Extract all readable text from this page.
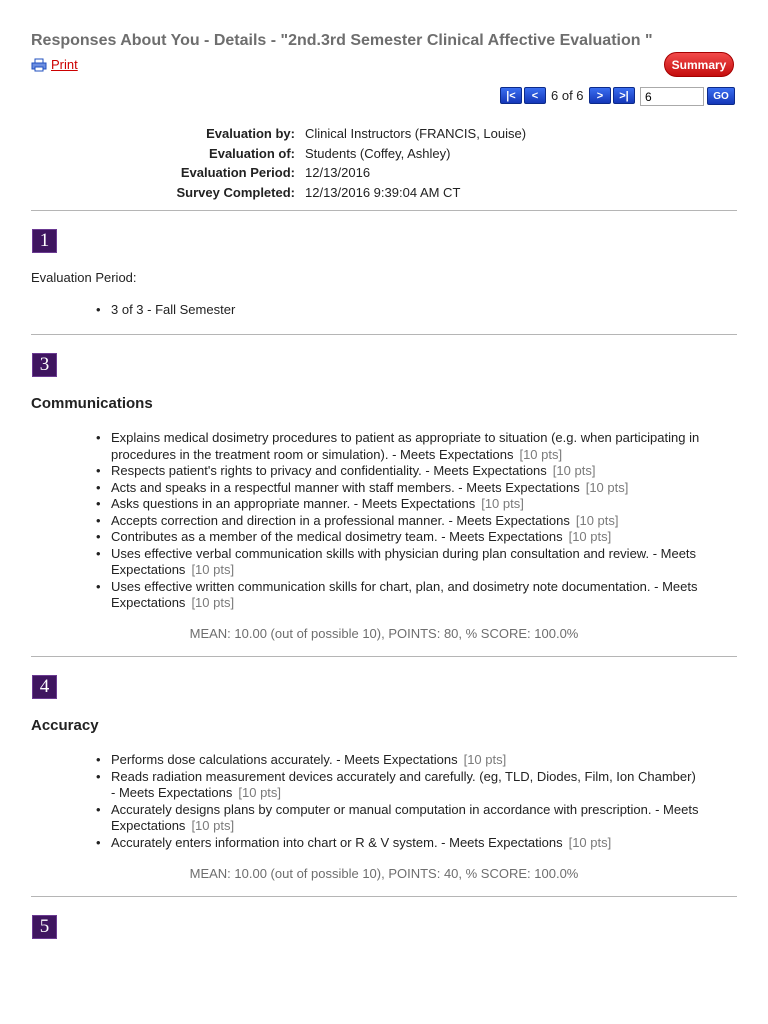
Responses About You - Details - "2nd.3rd Semester Clinical Affective Evaluation "
Print	Summary
|<	< 6 of 6	>	>|
6	GO
Evaluation by: Clinical Instructors (FRANCIS, Louise)
Evaluation of: Students (Coffey, Ashley)
Evaluation Period: 12/13/2016
Survey Completed: 12/13/2016 9:39:04 AM CT
1
Evaluation Period:
• 3 of 3 - Fall Semester
3
Communications
• Explains medical dosimetry procedures to patient as appropriate to situation (e.g. when participating in procedures in the treatment room or simulation). - Meets Expectations [10 pts]
• Respects patient's rights to privacy and confidentiality. - Meets Expectations [10 pts]
• Acts and speaks in a respectful manner with staff members. - Meets Expectations [10 pts]
• Asks questions in an appropriate manner. - Meets Expectations [10 pts]
• Accepts correction and direction in a professional manner. - Meets Expectations [10 pts]
• Contributes as a member of the medical dosimetry team. - Meets Expectations [10 pts]
• Uses effective verbal communication skills with physician during plan consultation and review. - Meets Expectations [10 pts]
• Uses effective written communication skills for chart, plan, and dosimetry note documentation. - Meets Expectations [10 pts]
MEAN: 10.00 (out of possible 10), POINTS: 80, % SCORE: 100.0%
4
Accuracy
• Performs dose calculations accurately. - Meets Expectations [10 pts]
• Reads radiation measurement devices accurately and carefully. (eg, TLD, Diodes, Film, Ion Chamber) - Meets Expectations [10 pts]
• Accurately designs plans by computer or manual computation in accordance with prescription. - Meets Expectations [10 pts]
• Accurately enters information into chart or R & V system. - Meets Expectations [10 pts]
MEAN: 10.00 (out of possible 10), POINTS: 40, % SCORE: 100.0%
5
